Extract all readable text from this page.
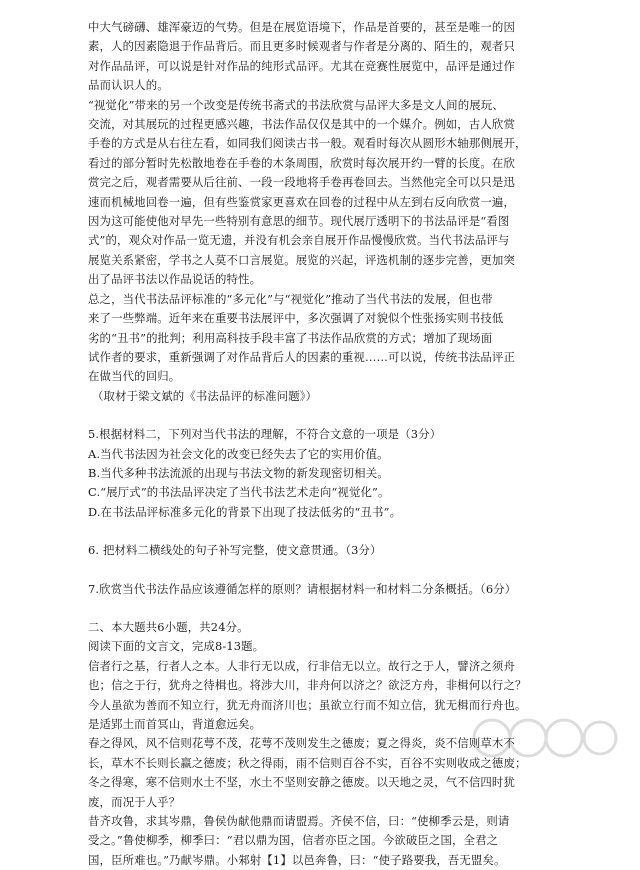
中大气磅礴、雄浑豪迈的气势。但是在展览语境下，作品是首要的，甚至是唯一的因
素，人的因素隐退于作品背后。而且更多时候观者与作者是分离的、陌生的，观者只
对作品品评，可以说是针对作品的纯形式品评。尤其在竞赛性展览中，品评是通过作
品而认识人的。
“视觉化”带来的另一个改变是传统书斋式的书法欣赏与品评大多是文人间的展玩、
交流，对其展玩的过程更感兴趣，书法作品仅仅是其中的一个媒介。例如，古人欣赏
手卷的方式是从右往左看，如同我们阅读古书一般。观看时每次从圆形木轴那侧展开，
看过的部分暂时先松散地卷在手卷的木条周围，欣赏时每次展开约一臂的长度。在欣
赏完之后，观者需要从后往前、一段一段地将手卷再卷回去。当然他完全可以只是迅
速而机械地回卷一遍，但有些鉴赏家更喜欢在回卷的过程中从左到右反向欣赏一遍，
因为这可能使他对早先一些特别有意思的细节。现代展厅透明下的书法品评是“看图
式”的，观众对作品一览无遗，并没有机会亲自展开作品慢慢欣赏。当代书法品评与
展览关系紧密，学书之人莫不口言展览。展览的兴起，评选机制的逐步完善，更加突
出了品评书法以作品说话的特性。
总之，当代书法品评标准的“多元化”与“视觉化”推动了当代书法的发展，但也带
来了一些弊端。近年来在重要书法展评中，多次强调了对貌似个性张扬实则书技低
劣的“丑书”的批判；利用高科技手段丰富了书法作品欣赏的方式；增加了现场面
试作者的要求，重新强调了对作品背后人的因素的重视……可以说，传统书法品评正
在做当代的回归。
（取材于梁文斌的《书法品评的标准问题》）
5.根据材料二，下列对当代书法的理解，不符合文意的一项是（3分）
A.当代书法因为社会文化的改变已经失去了它的实用价值。
B.当代多种书法流派的出现与书法文物的新发现密切相关。
C.“展厅式”的书法品评决定了当代书法艺术走向“视觉化”。
D.在书法品评标准多元化的背景下出现了技法低劣的“丑书”。
6. 把材料二横线处的句子补写完整，使文意贯通。（3分）
7.欣赏当代书法作品应该遵循怎样的原则？请根据材料一和材料二分条概括。（6分）
二、本大题共6小题，共24分。
阅读下面的文言文，完成8-13题。
信者行之基，行者人之本。人非行无以成，行非信无以立。故行之于人，譬济之须舟
也；信之于行，犹舟之待楫也。将涉大川，非舟何以济之？欲泛方舟，非楫何以行之？
今人虽欲为善而不知立行，犹无舟而济川也；虽欲立行而不知立信，犹无楫而行舟也。
是适郢土而首冥山，背道愈远矣。
春之得风，风不信则花萼不茂，花萼不茂则发生之德废；夏之得炎，炎不信则草木不
长，草木不长则长赢之德废；秋之得雨，雨不信则百谷不实，百谷不实则收成之德废；
冬之得寒，寒不信则水土不坚，水土不坚则安静之德废。以天地之灵，气不信四时犹
废，而况于人乎？
昔齐攻鲁，求其岑鼎，鲁侯伪献他鼎而请盟焉。齐侯不信，曰：“使柳季云是，则请
受之。”鲁使柳季，柳季曰：“君以鼎为国，信者亦臣之国。今欲破臣之国，全君之
国，臣所难也。”乃献岑鼎。小邾射【1】以邑奔鲁，曰：“使子路要我，吾无盟矣。
